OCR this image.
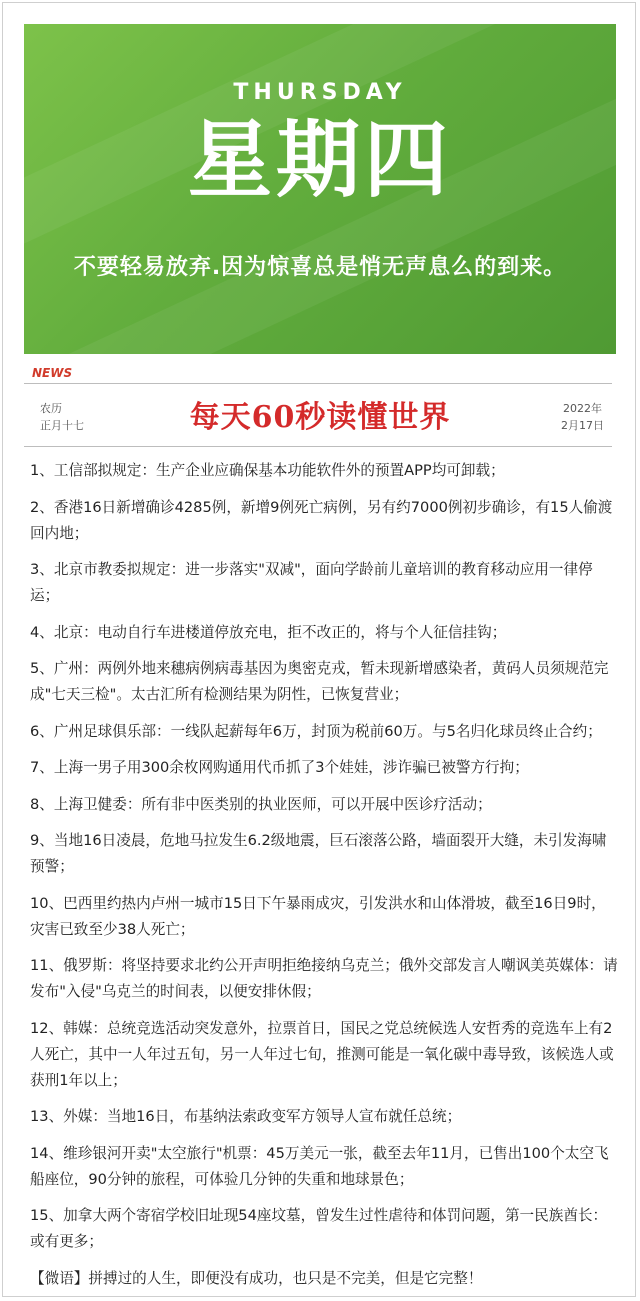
THURSDAY
星期四
不要轻易放弃.因为惊喜总是悄无声息么的到来。
NEWS
农历
正月十七	每天60秒读懂世界	2022年
2月17日
1、工信部拟规定：生产企业应确保基本功能软件外的预置APP均可卸载；
2、香港16日新增确诊4285例，新增9例死亡病例，另有约7000例初步确诊，有15人偷渡回内地；
3、北京市教委拟规定：进一步落实"双减"，面向学龄前儿童培训的教育移动应用一律停运；
4、北京：电动自行车进楼道停放充电，拒不改正的，将与个人征信挂钩；
5、广州：两例外地来穗病例病毒基因为奥密克戎，暂未现新增感染者，黄码人员须规范完成"七天三检"。太古汇所有检测结果为阴性，已恢复营业；
6、广州足球俱乐部：一线队起薪每年6万，封顶为税前60万。与5名归化球员终止合约；
7、上海一男子用300余枚网购通用代币抓了3个娃娃，涉诈骗已被警方行拘；
8、上海卫健委：所有非中医类别的执业医师，可以开展中医诊疗活动；
9、当地16日凌晨，危地马拉发生6.2级地震，巨石滚落公路，墙面裂开大缝，未引发海啸预警；
10、巴西里约热内卢州一城市15日下午暴雨成灾，引发洪水和山体滑坡，截至16日9时，灾害已致至少38人死亡；
11、俄罗斯：将坚持要求北约公开声明拒绝接纳乌克兰；俄外交部发言人嘲讽美英媒体：请发布"入侵"乌克兰的时间表，以便安排休假；
12、韩媒：总统竞选活动突发意外，拉票首日，国民之党总统候选人安哲秀的竞选车上有2人死亡，其中一人年过五旬，另一人年过七旬，推测可能是一氧化碳中毒导致，该候选人或获刑1年以上；
13、外媒：当地16日，布基纳法索政变军方领导人宣布就任总统；
14、维珍银河开卖"太空旅行"机票：45万美元一张，截至去年11月，已售出100个太空飞船座位，90分钟的旅程，可体验几分钟的失重和地球景色；
15、加拿大两个寄宿学校旧址现54座坟墓，曾发生过性虐待和体罚问题，第一民族酋长：或有更多；
【微语】拼搏过的人生，即便没有成功，也只是不完美，但是它完整！
